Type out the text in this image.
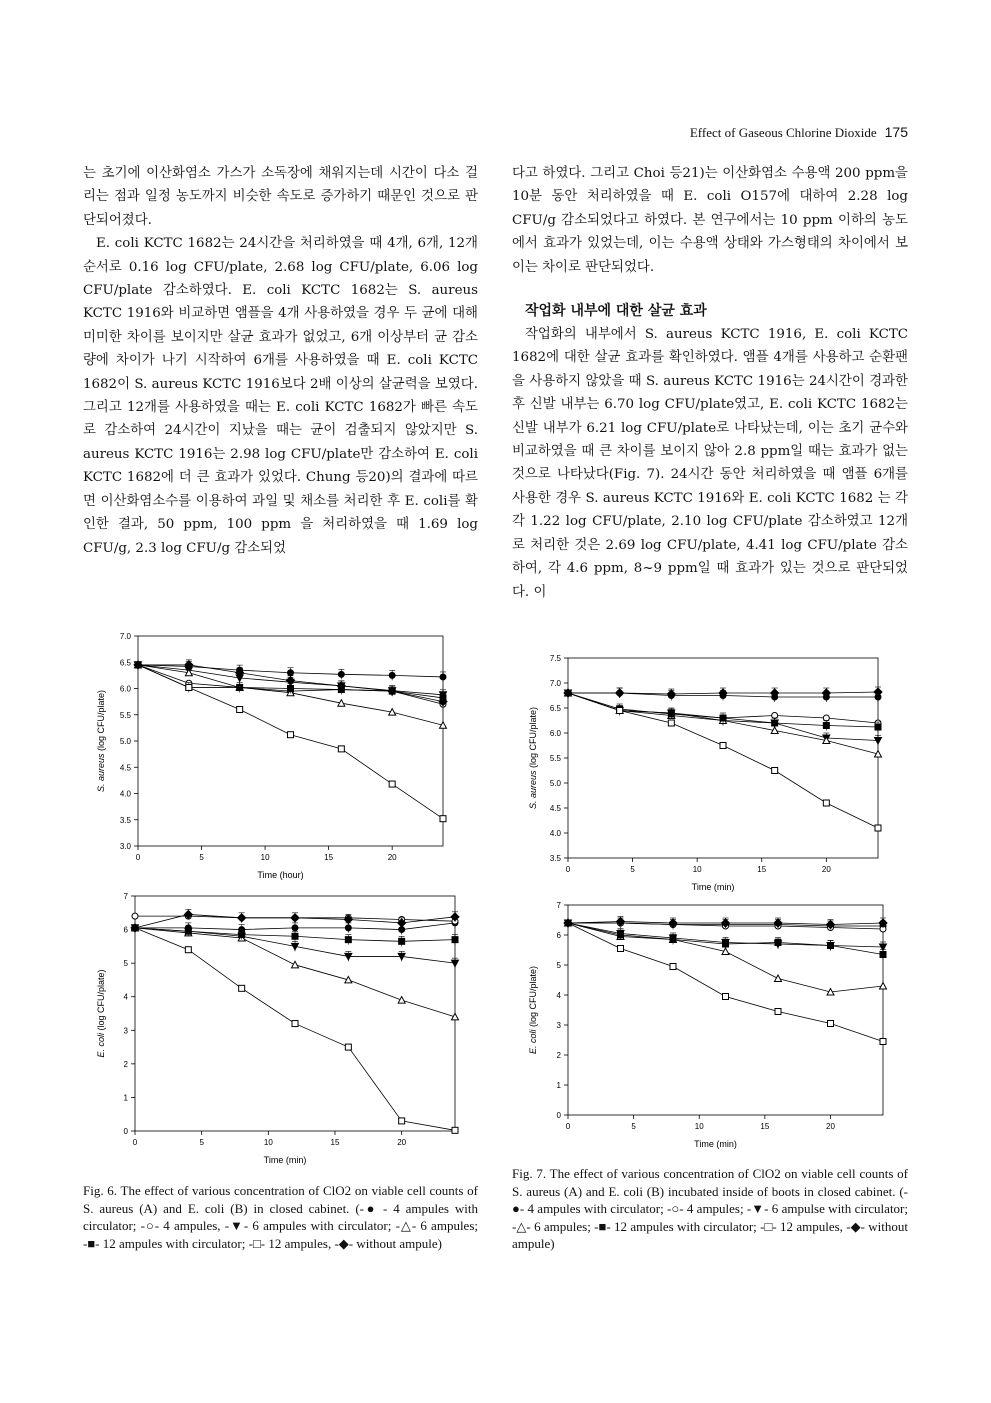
Effect of Gaseous Chlorine Dioxide 175

는 초기에 이산화염소 가스가 소독장에 채워지는데 시간이 다소 걸리는 점과 일정 농도까지 비슷한 속도로 증가하기 때문인 것으로 판단되어졌다.

E. coli KCTC 1682는 24시간을 처리하였을 때 4개, 6개, 12개 순서로 0.16 log CFU/plate, 2.68 log CFU/plate, 6.06 log CFU/plate 감소하였다. E. coli KCTC 1682는 S. aureus KCTC 1916와 비교하면 앰플을 4개 사용하였을 경우 두 균에 대해 미미한 차이를 보이지만 살균 효과가 없었고, 6개 이상부터 균 감소량에 차이가 나기 시작하여 6개를 사용하였을 때 E. coli KCTC 1682이 S. aureus KCTC 1916보다 2배 이상의 살균력을 보였다. 그리고 12개를 사용하였을 때는 E. coli KCTC 1682가 빠른 속도로 감소하여 24시간이 지났을 때는 균이 검출되지 않았지만 S. aureus KCTC 1916는 2.98 log CFU/plate만 감소하여 E. coli KCTC 1682에 더 큰 효과가 있었다. Chung 등20)의 결과에 따르면 이산화염소수를 이용하여 과일 및 채소를 처리한 후 E. coli를 확인한 결과, 50 ppm, 100 ppm 을 처리하였을 때 1.69 log CFU/g, 2.3 log CFU/g 감소되었

다고 하였다. 그리고 Choi 등21)는 이산화염소 수용액 200 ppm을 10분 동안 처리하였을 때 E. coli O157에 대하여 2.28 log CFU/g 감소되었다고 하였다. 본 연구에서는 10 ppm 이하의 농도에서 효과가 있었는데, 이는 수용액 상태와 가스형태의 차이에서 보이는 차이로 판단되었다.

작업화 내부에 대한 살균 효과

작업화의 내부에서 S. aureus KCTC 1916, E. coli KCTC 1682에 대한 살균 효과를 확인하였다. 앰플 4개를 사용하고 순환팬을 사용하지 않았을 때 S. aureus KCTC 1916는 24시간이 경과한 후 신발 내부는 6.70 log CFU/plate였고, E. coli KCTC 1682는 신발 내부가 6.21 log CFU/plate로 나타났는데, 이는 초기 균수와 비교하였을 때 큰 차이를 보이지 않아 2.8 ppm일 때는 효과가 없는 것으로 나타났다(Fig. 7). 24시간 동안 처리하였을 때 앰플 6개를 사용한 경우 S. aureus KCTC 1916와 E. coli KCTC 1682 는 각각 1.22 log CFU/plate, 2.10 log CFU/plate 감소하였고 12개로 처리한 것은 2.69 log CFU/plate, 4.41 log CFU/plate 감소하여, 각 4.6 ppm, 8~9 ppm일 때 효과가 있는 것으로 판단되었다. 이

3.0
3.5
4.0
4.5
5.0
5.5
6.0
6.5
7.0
0	5	10	15	20
Time (hour)
S. aureus (log CFU/plate)
0
1
2
3
4
5
6
7
0	5	10	15	20
Time (min)
E. coli (log CFU/plate)
3.5
4.0
4.5
5.0
5.5
6.0
6.5
7.0
7.5
0	5	10	15	20
Time (min)
S. aureus (log CFU/plate)
0
1
2
3
4
5
6
7
0	5	10	15	20
Time (min)
E. coli (log CFU/plate)
Fig. 6. The effect of various concentration of ClO2 on viable cell counts of S. aureus (A) and E. coli (B) in closed cabinet. (-● - 4 ampules with circulator; -○- 4 ampules, -▼- 6 ampules with circulator; -△- 6 ampules; -■- 12 ampules with circulator; -□- 12 ampules, -◆- without ampule)
Fig. 7. The effect of various concentration of ClO2 on viable cell counts of S. aureus (A) and E. coli (B) incubated inside of boots in closed cabinet. (-●- 4 ampules with circulator; -○- 4 ampules; -▼- 6 ampulse with circulator; -△- 6 ampules; -■- 12 ampules with circulator; -□- 12 ampules, -◆- without ampule)
